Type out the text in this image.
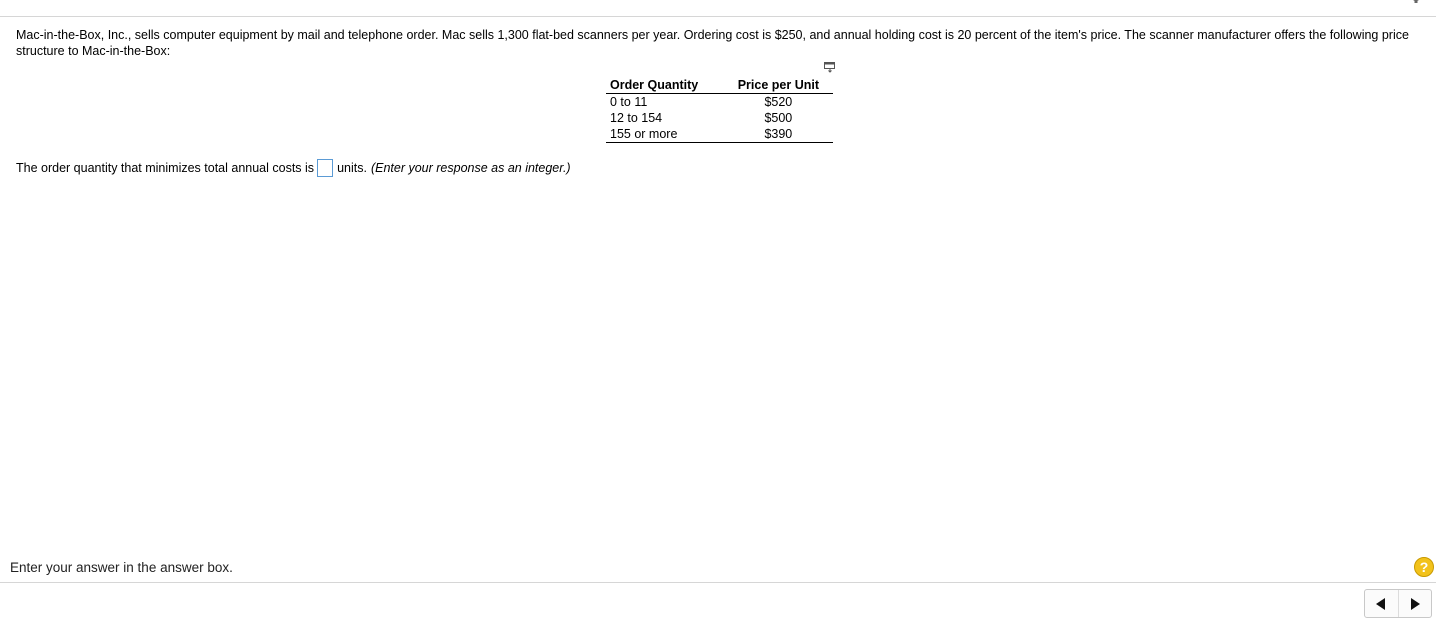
Mac-in-the-Box, Inc., sells computer equipment by mail and telephone order. Mac sells 1,300 flat-bed scanners per year. Ordering cost is $250, and annual holding cost is 20 percent of the item's price. The scanner manufacturer offers the following price structure to Mac-in-the-Box:
Order Quantity	Price per Unit
0 to 11	$520
12 to 154	$500
155 or more	$390
The order quantity that minimizes total annual costs is units. (Enter your response as an integer.)
Enter your answer in the answer box.	?
